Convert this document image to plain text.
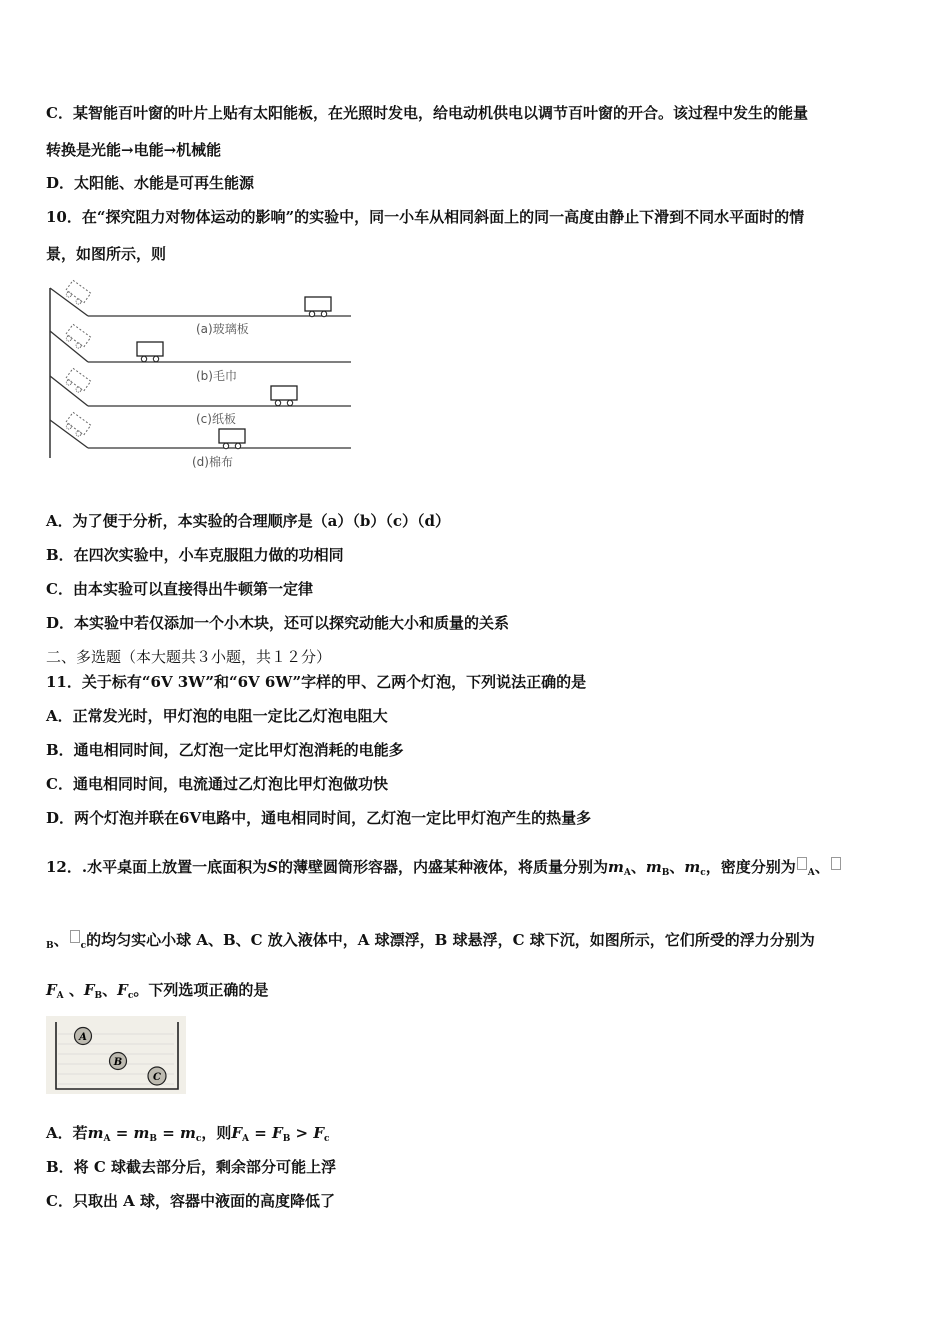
C．某智能百叶窗的叶片上贴有太阳能板，在光照时发电，给电动机供电以调节百叶窗的开合。该过程中发生的能量
转换是光能→电能→机械能
D．太阳能、水能是可再生能源
10．在“探究阻力对物体运动的影响”的实验中，同一小车从相同斜面上的同一高度由静止下滑到不同水平面时的情
景，如图所示，则
(a)玻璃板
(b)毛巾
(c)纸板
(d)棉布
A．为了便于分析，本实验的合理顺序是（a）（b）（c）（d）
B．在四次实验中，小车克服阻力做的功相同
C．由本实验可以直接得出牛顿第一定律
D．本实验中若仅添加一个小木块，还可以探究动能大小和质量的关系
二、多选题（本大题共３小题，共１２分）
11．关于标有“6V 3W”和“6V 6W”字样的甲、乙两个灯泡，下列说法正确的是
A．正常发光时，甲灯泡的电阻一定比乙灯泡电阻大
B．通电相同时间，乙灯泡一定比甲灯泡消耗的电能多
C．通电相同时间，电流通过乙灯泡比甲灯泡做功快
D．两个灯泡并联在6V电路中，通电相同时间，乙灯泡一定比甲灯泡产生的热量多
12．.水平桌面上放置一底面积为S的薄壁圆筒形容器，内盛某种液体，将质量分别为$m_A$、$m_B$、$m_c$，密度分别为 $_A$、
$_B$、 $_c$的均匀实心小球 A、B、C 放入液体中，A 球漂浮，B 球悬浮，C 球下沉，如图所示，它们所受的浮力分别为
$F_A$ 、$F_B$、$F_c$。下列选项正确的是
A
B
C
A．若$m_A = m_B = m_c$，则$F_A = F_B > F_c$
B．将 C 球截去部分后，剩余部分可能上浮
C．只取出 A 球，容器中液面的高度降低了
